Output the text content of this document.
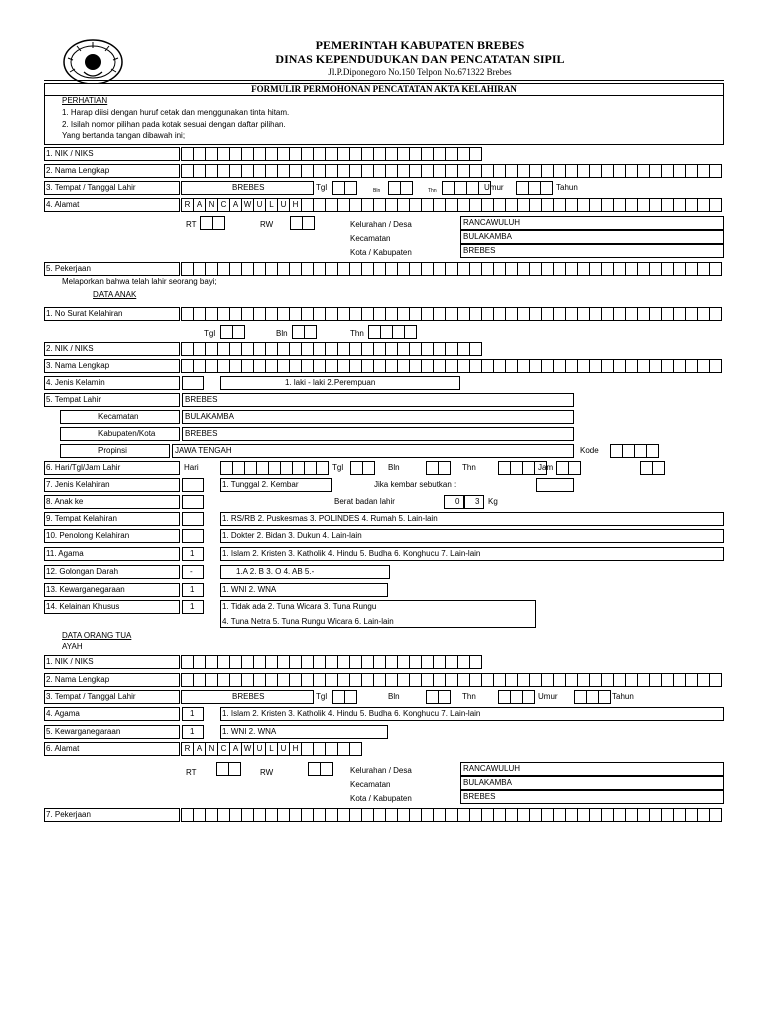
PEMERINTAH KABUPATEN BREBES
DINAS KEPENDUDUKAN DAN PENCATATAN SIPIL
Jl.P.Diponegoro No.150 Telpon No.671322 Brebes
FORMULIR PERMOHONAN PENCATATAN AKTA KELAHIRAN
PERHATIAN
1. Harap diisi dengan huruf cetak dan menggunakan tinta hitam.
2. Isilah nomor pilihan pada kotak sesuai dengan daftar pilihan.
Yang bertanda tangan dibawah ini;
1. NIK / NIKS
2. Nama Lengkap
3. Tempat / Tanggal Lahir	BREBES	Tgl	Bln	Thn	Umur	Tahun
4. Alamat	R A N C A W U L U H
RT	RW	Kelurahan / Desa	RANCAWULUH
Kecamatan	BULAKAMBA
Kota / Kabupaten	BREBES
5. Pekerjaan
Melaporkan bahwa telah lahir seorang bayi;
DATA ANAK
1. No Surat Kelahiran
Tgl	Bln	Thn
2. NIK / NIKS
3. Nama Lengkap
4. Jenis Kelamin	1. laki - laki 2.Perempuan
5. Tempat Lahir	BREBES
Kecamatan	BULAKAMBA
Kabupaten/Kota	BREBES
Propinsi	JAWA TENGAH	Kode
6. Hari/Tgl/Jam Lahir	Hari	Tgl	Bln	Thn	Jam
7. Jenis Kelahiran	1. Tunggal 2. Kembar	Jika kembar sebutkan :
8. Anak ke	Berat badan lahir	0 3 Kg
9. Tempat Kelahiran	1. RS/RB 2. Puskesmas 3. POLINDES 4. Rumah 5. Lain-lain
10. Penolong Kelahiran	1. Dokter 2. Bidan 3. Dukun 4. Lain-lain
11. Agama	1	1. Islam 2. Kristen 3. Katholik 4. Hindu 5. Budha 6. Konghucu 7. Lain-lain
12. Golongan Darah	-	1.A 2. B 3. O 4. AB 5.-
13. Kewarganegaraan	1	1. WNI 2. WNA
14. Kelainan Khusus	1	1. Tidak ada 2. Tuna Wicara 3. Tuna Rungu
4. Tuna Netra 5. Tuna Rungu Wicara 6. Lain-lain
DATA ORANG TUA
AYAH
1. NIK / NIKS
2. Nama Lengkap
3. Tempat / Tanggal Lahir	BREBES	Tgl	Bln	Thn	Umur	Tahun
4. Agama	1	1. Islam 2. Kristen 3. Katholik 4. Hindu 5. Budha 6. Konghucu 7. Lain-lain
5. Kewarganegaraan	1	1. WNI 2. WNA
6. Alamat	R A N C A W U L U H
RT	RW	Kelurahan / Desa	RANCAWULUH
Kecamatan	BULAKAMBA
Kota / Kabupaten	BREBES
7. Pekerjaan
